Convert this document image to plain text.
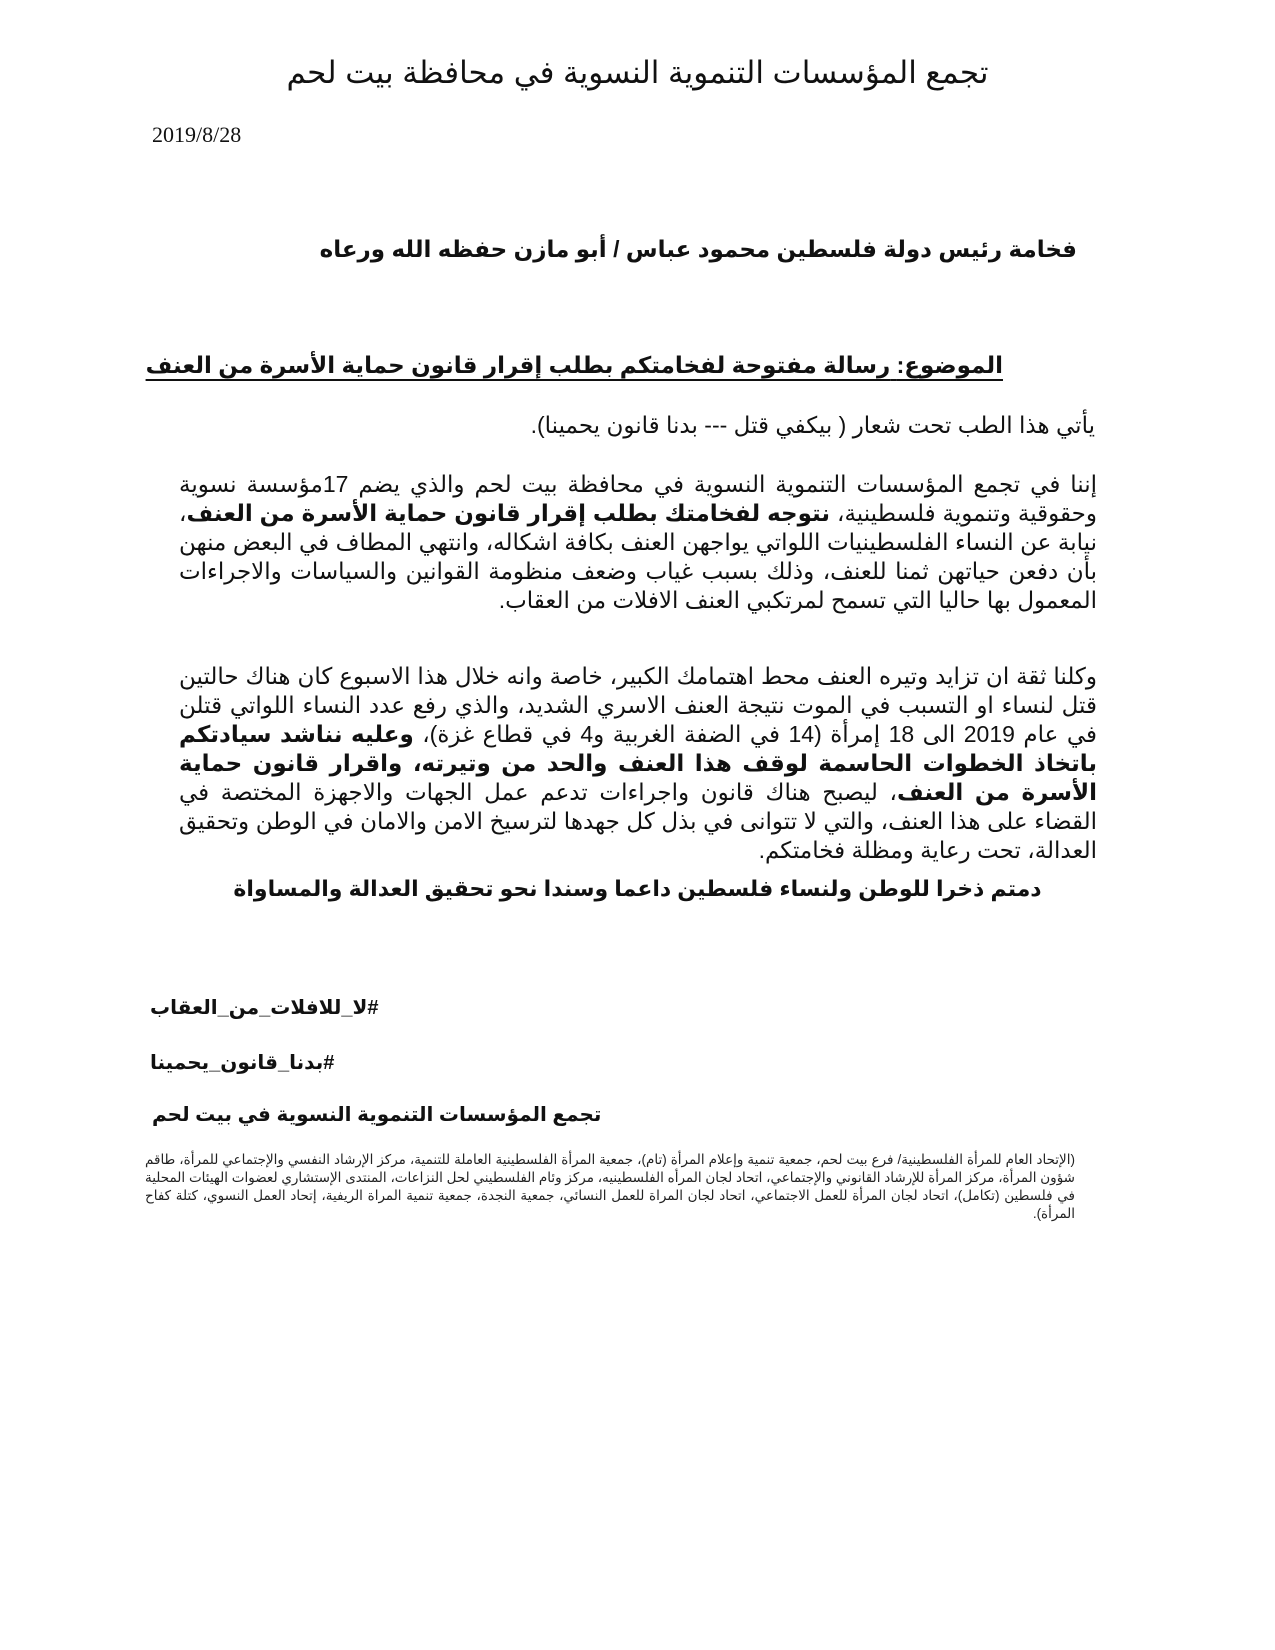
تجمع المؤسسات التنموية النسوية في محافظة بيت لحم
2019/8/28
فخامة رئيس دولة فلسطين محمود عباس / أبو مازن حفظه الله ورعاه
الموضوع: رسالة مفتوحة لفخامتكم بطلب إقرار قانون حماية الأسرة من العنف
يأتي هذا الطب تحت شعار ( بيكفي قتل --- بدنا قانون يحمينا).
إننا في تجمع المؤسسات التنموية النسوية في محافظة بيت لحم والذي يضم 17مؤسسة نسوية وحقوقية وتنموية فلسطينية، نتوجه لفخامتك بطلب إقرار قانون حماية الأسرة من العنف، نيابة عن النساء الفلسطينيات اللواتي يواجهن العنف بكافة اشكاله، وانتهي المطاف في البعض منهن بأن دفعن حياتهن ثمنا للعنف، وذلك بسبب غياب وضعف منظومة القوانين والسياسات والاجراءات المعمول بها حاليا التي تسمح لمرتكبي العنف الافلات من العقاب.
وكلنا ثقة ان تزايد وتيره العنف محط اهتمامك الكبير، خاصة وانه خلال هذا الاسبوع كان هناك حالتين قتل لنساء او التسبب في الموت نتيجة العنف الاسري الشديد، والذي رفع عدد النساء اللواتي قتلن في عام 2019 الى 18 إمرأة (14 في الضفة الغربية و4 في قطاع غزة)، وعليه نناشد سيادتكم باتخاذ الخطوات الحاسمة لوقف هذا العنف والحد من وتيرته، واقرار قانون حماية الأسرة من العنف، ليصبح هناك قانون واجراءات تدعم عمل الجهات والاجهزة المختصة في القضاء على هذا العنف، والتي لا تتوانى في بذل كل جهدها لترسيخ الامن والامان في الوطن وتحقيق العدالة، تحت رعاية ومظلة فخامتكم.
دمتم ذخرا للوطن ولنساء فلسطين داعما وسندا نحو تحقيق العدالة والمساواة
#لا_للافلات_من_العقاب
#بدنا_قانون_يحمينا
تجمع المؤسسات التنموية النسوية في بيت لحم
(الإتحاد العام للمرأة الفلسطينية/ فرع بيت لحم، جمعية تنمية وإعلام المرأة (تام)، جمعية المرأة الفلسطينية العاملة للتنمية، مركز الإرشاد النفسي والإجتماعي للمرأة، طاقم شؤون المرأة، مركز المرأة للإرشاد القانوني والإجتماعي، اتحاد لجان المرأه الفلسطينيه، مركز وئام الفلسطيني لحل النزاعات، المنتدى الإستشاري لعضوات الهيئات المحلية في فلسطين (تكامل)، اتحاد لجان المرأة للعمل الاجتماعي، اتحاد لجان المراة للعمل النسائي، جمعية النجدة، جمعية تنمية المراة الريفية، إتحاد العمل النسوي، كتلة كفاح المرأة).
